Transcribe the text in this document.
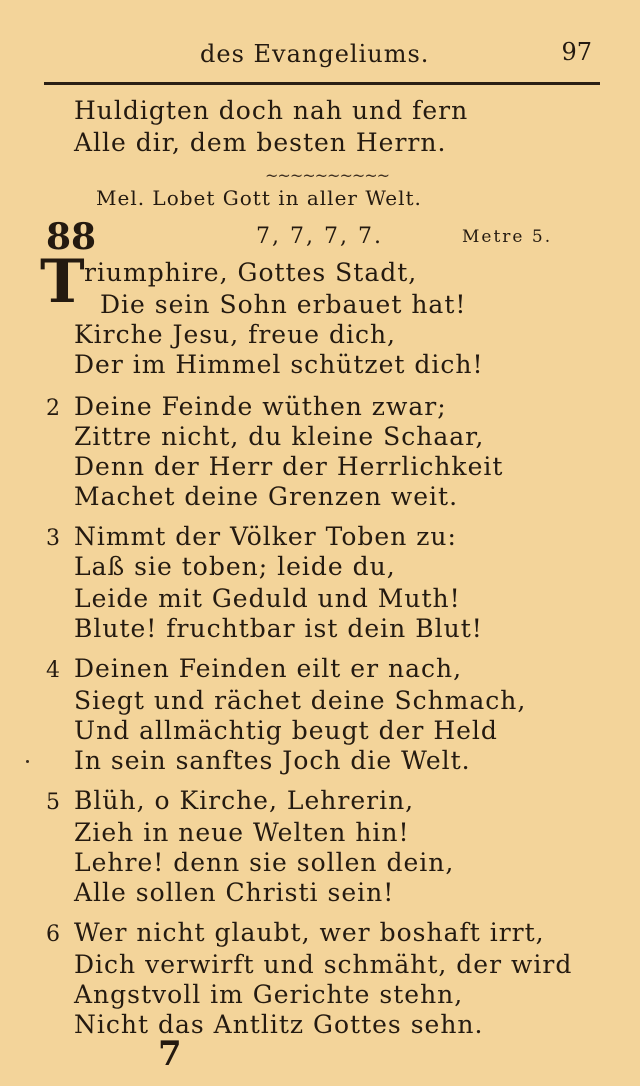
des Evangeliums.	97
Huldigten doch nah und fern
Alle dir, dem besten Herrn.
~~~~~~~~~~
Mel. Lobet Gott in aller Welt.
88	7, 7, 7, 7.	Metre 5.
T riumphire, Gottes Stadt,
Die sein Sohn erbauet hat!
Kirche Jesu, freue dich,
Der im Himmel schützet dich!
2 Deine Feinde wüthen zwar;
Zittre nicht, du kleine Schaar,
Denn der Herr der Herrlichkeit
Machet deine Grenzen weit.
3 Nimmt der Völker Toben zu:
Laß sie toben; leide du,
Leide mit Geduld und Muth!
Blute! fruchtbar ist dein Blut!
4 Deinen Feinden eilt er nach,
Siegt und rächet deine Schmach,
Und allmächtig beugt der Held
In sein sanftes Joch die Welt.
5 Blüh, o Kirche, Lehrerin,
Zieh in neue Welten hin!
Lehre! denn sie sollen dein,
Alle sollen Christi sein!
6 Wer nicht glaubt, wer boshaft irrt,
Dich verwirft und schmäht, der wird
Angstvoll im Gerichte stehn,
Nicht das Antlitz Gottes sehn.
7
